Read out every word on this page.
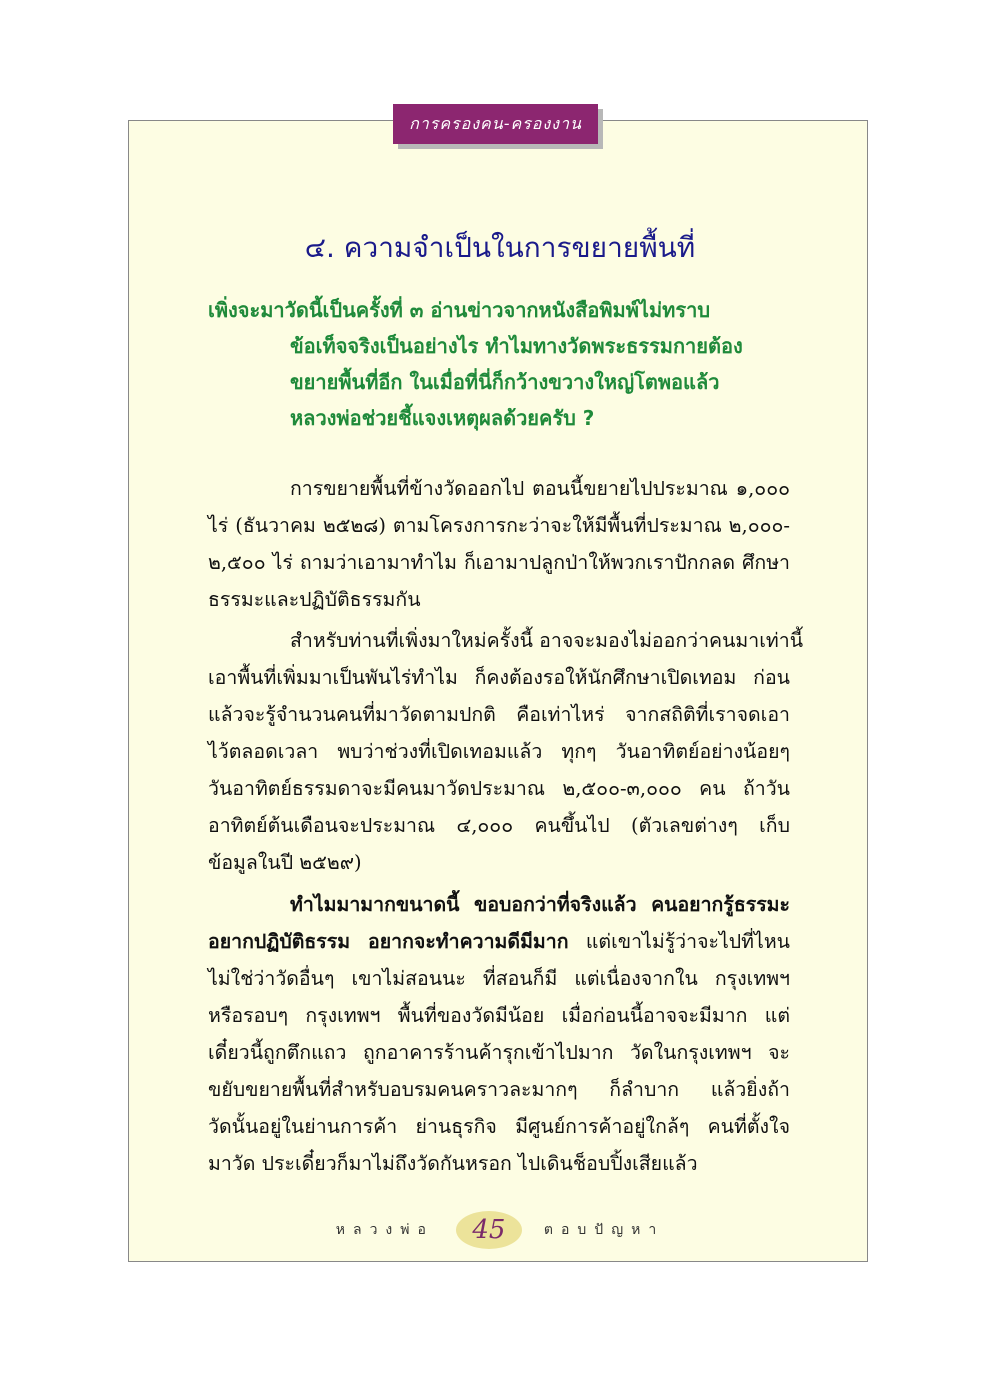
การครองคน-ครองงาน
๔. ความจำเป็นในการขยายพื้นที่
เพิ่งจะมาวัดนี้เป็นครั้งที่ ๓ อ่านข่าวจากหนังสือพิมพ์ไม่ทราบ
ข้อเท็จจริงเป็นอย่างไร ทำไมทางวัดพระธรรมกายต้อง
ขยายพื้นที่อีก ในเมื่อที่นี่ก็กว้างขวางใหญ่โตพอแล้ว
หลวงพ่อช่วยชี้แจงเหตุผลด้วยครับ ?
การขยายพื้นที่ข้างวัดออกไป ตอนนี้ขยายไปประมาณ ๑,๐๐๐
ไร่ (ธันวาคม ๒๕๒๘) ตามโครงการกะว่าจะให้มีพื้นที่ประมาณ ๒,๐๐๐-
๒,๕๐๐ ไร่ ถามว่าเอามาทำไม ก็เอามาปลูกป่าให้พวกเราปักกลด ศึกษา
ธรรมะและปฏิบัติธรรมกัน
สำหรับท่านที่เพิ่งมาใหม่ครั้งนี้ อาจจะมองไม่ออกว่าคนมาเท่านี้
เอาพื้นที่เพิ่มมาเป็นพันไร่ทำไม ก็คงต้องรอให้นักศึกษาเปิดเทอม ก่อน
แล้วจะรู้จำนวนคนที่มาวัดตามปกติ คือเท่าไหร่ จากสถิติที่เราจดเอา
ไว้ตลอดเวลา พบว่าช่วงที่เปิดเทอมแล้ว ทุกๆ วันอาทิตย์อย่างน้อยๆ
วันอาทิตย์ธรรมดาจะมีคนมาวัดประมาณ ๒,๕๐๐-๓,๐๐๐ คน ถ้าวัน
อาทิตย์ต้นเดือนจะประมาณ ๔,๐๐๐ คนขึ้นไป (ตัวเลขต่างๆ เก็บ
ข้อมูลในปี ๒๕๒๙)
ทำไมมามากขนาดนี้ ขอบอกว่าที่จริงแล้ว คนอยากรู้ธรรมะ
อยากปฏิบัติธรรม อยากจะทำความดีมีมาก แต่เขาไม่รู้ว่าจะไปที่ไหน
ไม่ใช่ว่าวัดอื่นๆ เขาไม่สอนนะ ที่สอนก็มี แต่เนื่องจากใน กรุงเทพฯ
หรือรอบๆ กรุงเทพฯ พื้นที่ของวัดมีน้อย เมื่อก่อนนี้อาจจะมีมาก แต่
เดี๋ยวนี้ถูกตึกแถว ถูกอาคารร้านค้ารุกเข้าไปมาก วัดในกรุงเทพฯ จะ
ขยับขยายพื้นที่สำหรับอบรมคนคราวละมากๆ ก็ลำบาก แล้วยิ่งถ้า
วัดนั้นอยู่ในย่านการค้า ย่านธุรกิจ มีศูนย์การค้าอยู่ใกล้ๆ คนที่ตั้งใจ
มาวัด ประเดี๋ยวก็มาไม่ถึงวัดกันหรอก ไปเดินช็อบปิ้งเสียแล้ว
หลวงพ่อ	45	ตอบปัญหา
